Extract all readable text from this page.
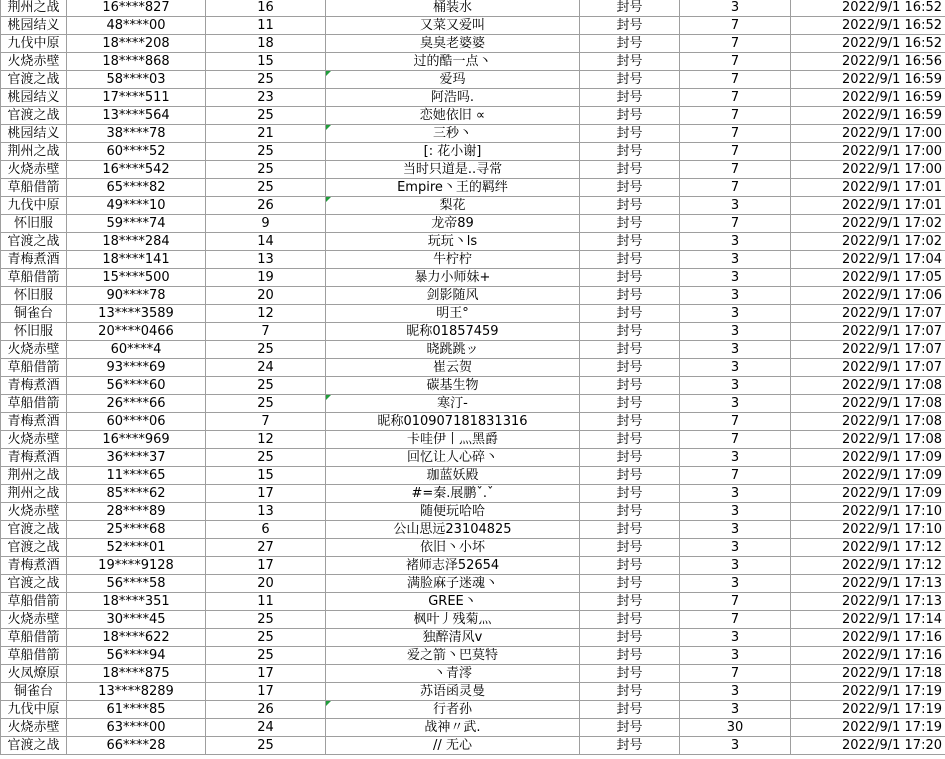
荆州之战	16****827	16	桶装水	封号	3	2022/9/1 16:52
桃园结义	48****00	11	又菜又爱叫	封号	7	2022/9/1 16:52
九伐中原	18****208	18	臭臭老婆婆	封号	7	2022/9/1 16:52
火烧赤壁	18****868	15	过的酷一点丶	封号	7	2022/9/1 16:56
官渡之战	58****03	25	爱玛	封号	7	2022/9/1 16:59
桃园结义	17****511	23	阿浩吗.	封号	7	2022/9/1 16:59
官渡之战	13****564	25	恋她依旧 ∝	封号	7	2022/9/1 16:59
桃园结义	38****78	21	三秒丶	封号	7	2022/9/1 17:00
荆州之战	60****52	25	[: 花小谢]	封号	7	2022/9/1 17:00
火烧赤壁	16****542	25	当时只道是..寻常	封号	7	2022/9/1 17:00
草船借箭	65****82	25	Empire丶王的羁绊	封号	7	2022/9/1 17:01
九伐中原	49****10	26	梨花	封号	3	2022/9/1 17:01
怀旧服	59****74	9	龙帝89	封号	7	2022/9/1 17:02
官渡之战	18****284	14	玩玩丶ls	封号	3	2022/9/1 17:02
青梅煮酒	18****141	13	牛柠柠	封号	3	2022/9/1 17:04
草船借箭	15****500	19	暴力小师妹+	封号	3	2022/9/1 17:05
怀旧服	90****78	20	剑影随风	封号	3	2022/9/1 17:06
铜雀台	13****3589	12	明王°	封号	3	2022/9/1 17:07
怀旧服	20****0466	7	昵称01857459	封号	3	2022/9/1 17:07
火烧赤壁	60****4	25	晓跳跳ッ	封号	3	2022/9/1 17:07
草船借箭	93****69	24	崔云贺	封号	3	2022/9/1 17:07
青梅煮酒	56****60	25	碳基生物	封号	3	2022/9/1 17:08
草船借箭	26****66	25	寒汀-	封号	3	2022/9/1 17:08
青梅煮酒	60****06	7	昵称010907181831316	封号	7	2022/9/1 17:08
火烧赤壁	16****969	12	卡哇伊丨灬黑爵	封号	7	2022/9/1 17:08
青梅煮酒	36****37	25	回忆让人心碎丶	封号	3	2022/9/1 17:09
荆州之战	11****65	15	珈蓝妖殿	封号	7	2022/9/1 17:09
荆州之战	85****62	17	#=秦.展鹏ˇ.ˇ	封号	3	2022/9/1 17:09
火烧赤壁	28****89	13	随便玩哈哈	封号	3	2022/9/1 17:10
官渡之战	25****68	6	公山思远23104825	封号	3	2022/9/1 17:10
官渡之战	52****01	27	依旧丶小坏	封号	3	2022/9/1 17:12
青梅煮酒	19****9128	17	褚师志泽52654	封号	3	2022/9/1 17:12
官渡之战	56****58	20	满脸麻子迷魂丶	封号	3	2022/9/1 17:13
草船借箭	18****351	11	GREE丶	封号	7	2022/9/1 17:13
火烧赤壁	30****45	25	枫叶丿残菊灬	封号	7	2022/9/1 17:14
草船借箭	18****622	25	独醉清风v	封号	3	2022/9/1 17:16
草船借箭	56****94	25	爱之箭丶巴莫特	封号	3	2022/9/1 17:16
火凤燎原	18****875	17	丶青澪	封号	7	2022/9/1 17:18
铜雀台	13****8289	17	苏语函灵曼	封号	3	2022/9/1 17:19
九伐中原	61****85	26	行者孙	封号	3	2022/9/1 17:19
火烧赤壁	63****00	24	战神〃武.	封号	30	2022/9/1 17:19
官渡之战	66****28	25	// 无心	封号	3	2022/9/1 17:20
